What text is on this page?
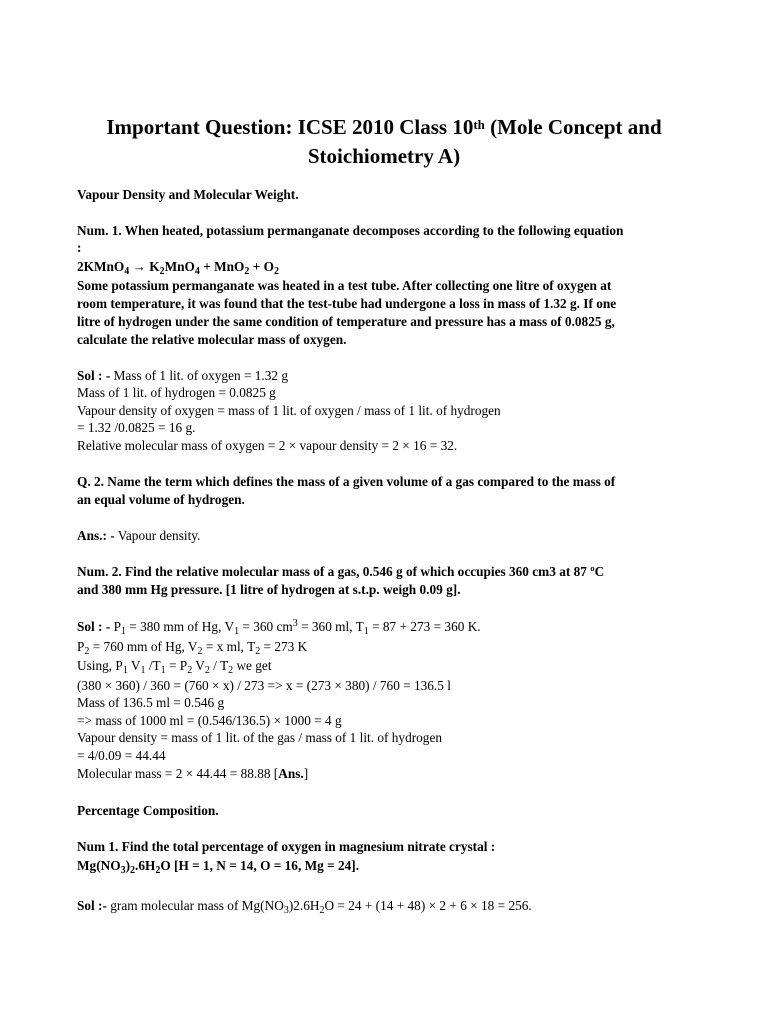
Important Question: ICSE 2010 Class 10th (Mole Concept and
Stoichiometry A)
Vapour Density and Molecular Weight.
Num. 1. When heated, potassium permanganate decomposes according to the following equation
:
2KMnO$_4$ → $K_2MnO_4 + MnO_2 + O_2$
Some potassium permanganate was heated in a test tube. After collecting one litre of oxygen at
room temperature, it was found that the test-tube had undergone a loss in mass of 1.32 g. If one
litre of hydrogen under the same condition of temperature and pressure has a mass of 0.0825 g,
calculate the relative molecular mass of oxygen.
Sol : - Mass of 1 lit. of oxygen = 1.32 g
Mass of 1 lit. of hydrogen = 0.0825 g
Vapour density of oxygen = mass of 1 lit. of oxygen / mass of 1 lit. of hydrogen
= 1.32 /0.0825 = 16 g.
Relative molecular mass of oxygen = 2 × vapour density = 2 × 16 = 32.
Q. 2. Name the term which defines the mass of a given volume of a gas compared to the mass of
an equal volume of hydrogen.
Ans.: - Vapour density.
Num. 2. Find the relative molecular mass of a gas, 0.546 g of which occupies 360 cm3 at 87 ºC
and 380 mm Hg pressure. [1 litre of hydrogen at s.t.p. weigh 0.09 g].
Sol : - $P_1 = 380$ mm of Hg, $V_1 = 360$ $cm^3 = 360$ ml, $T_1 = 87 + 273 = 360$ K.
$P_2 = 760$ mm of Hg, $V_2 = x$ ml, $T_2 = 273$ K
Using, $P_1$ $V_1$ $/T_1 = P_2$ $V_2 / T_2$ we get
(380 × 360) / 360 = (760 × x) / 273 => x = (273 × 380) / 760 = 136.5 l
Mass of 136.5 ml = 0.546 g
=> mass of 1000 ml = (0.546/136.5) × 1000 = 4 g
Vapour density = mass of 1 lit. of the gas / mass of 1 lit. of hydrogen
= 4/0.09 = 44.44
Molecular mass = 2 × 44.44 = 88.88 [Ans.]
Percentage Composition.
Num 1. Find the total percentage of oxygen in magnesium nitrate crystal :
$Mg(NO_3)_2.6H_2O$ [H = 1, N = 14, O = 16, Mg = 24].
Sol :- gram molecular mass of $Mg(NO_3)2.6H_2O = 24 + (14 + 48) \times 2 + 6 \times 18 = 256$.
